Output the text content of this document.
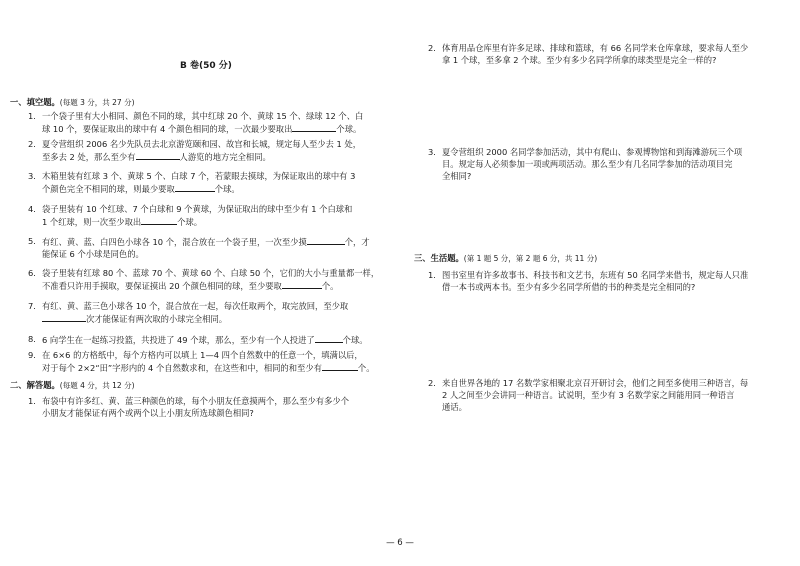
B 卷(50 分)
一、填空题。(每题 3 分，共 27 分)
1. 一个袋子里有大小相同、颜色不同的球，其中红球 20 个、黄球 15 个、绿球 12 个、白
球 10 个，要保证取出的球中有 4 个颜色相同的球，一次最少要取出	个球。
2. 夏令营组织 2006 名少先队员去北京游览颐和园、故宫和长城，规定每人至少去 1 处，
至多去 2 处，那么至少有	人游览的地方完全相同。
3. 木箱里装有红球 3 个、黄球 5 个、白球 7 个，若蒙眼去摸球，为保证取出的球中有 3
个颜色完全不相同的球，则最少要取	个球。
4. 袋子里装有 10 个红球、7 个白球和 9 个黄球，为保证取出的球中至少有 1 个白球和
1 个红球，则一次至少取出	个球。
5. 有红、黄、蓝、白四色小球各 10 个，混合放在一个袋子里，一次至少摸	个，才
能保证 6 个小球是同色的。
6. 袋子里装有红球 80 个、蓝球 70 个、黄球 60 个、白球 50 个，它们的大小与重量都一样，
不准看只许用手摸取，要保证摸出 20 个颜色相同的球，至少要取	个。
7. 有红、黄、蓝三色小球各 10 个，混合放在一起，每次任取两个，取完放回，至少取
次才能保证有两次取的小球完全相同。
8. 6 向学生在一起练习投篮，共投进了 49 个球，那么，至少有一个人投进了	个球。
9. 在 6×6 的方格纸中，每个方格内可以填上 1—4 四个自然数中的任意一个，填满以后，
对于每个 2×2“田”字形内的 4 个自然数求和，在这些和中，相同的和至少有	个。
二、解答题。(每题 4 分，共 12 分)
1. 布袋中有许多红、黄、蓝三种颜色的球，每个小朋友任意摸两个，那么至少有多少个
小朋友才能保证有两个或两个以上小朋友所选球颜色相同?
2. 体育用品仓库里有许多足球、排球和篮球，有 66 名同学来仓库拿球，要求每人至少
拿 1 个球，至多拿 2 个球。至少有多少名同学所拿的球类型是完全一样的?
3. 夏令营组织 2000 名同学参加活动，其中有爬山、参观博物馆和到海滩游玩三个项
目。规定每人必须参加一项或两项活动。那么至少有几名同学参加的活动项目完
全相同?
三、生活题。(第 1 题 5 分，第 2 题 6 分，共 11 分)
1. 图书室里有许多故事书、科技书和文艺书，东班有 50 名同学来借书，规定每人只准
借一本书或两本书。至少有多少名同学所借的书的种类是完全相同的?
2. 来自世界各地的 17 名数学家相聚北京召开研讨会，他们之间至多使用三种语言，每
2 人之间至少会讲同一种语言。试说明，至少有 3 名数学家之间能用同一种语言
通话。
— 6 —
